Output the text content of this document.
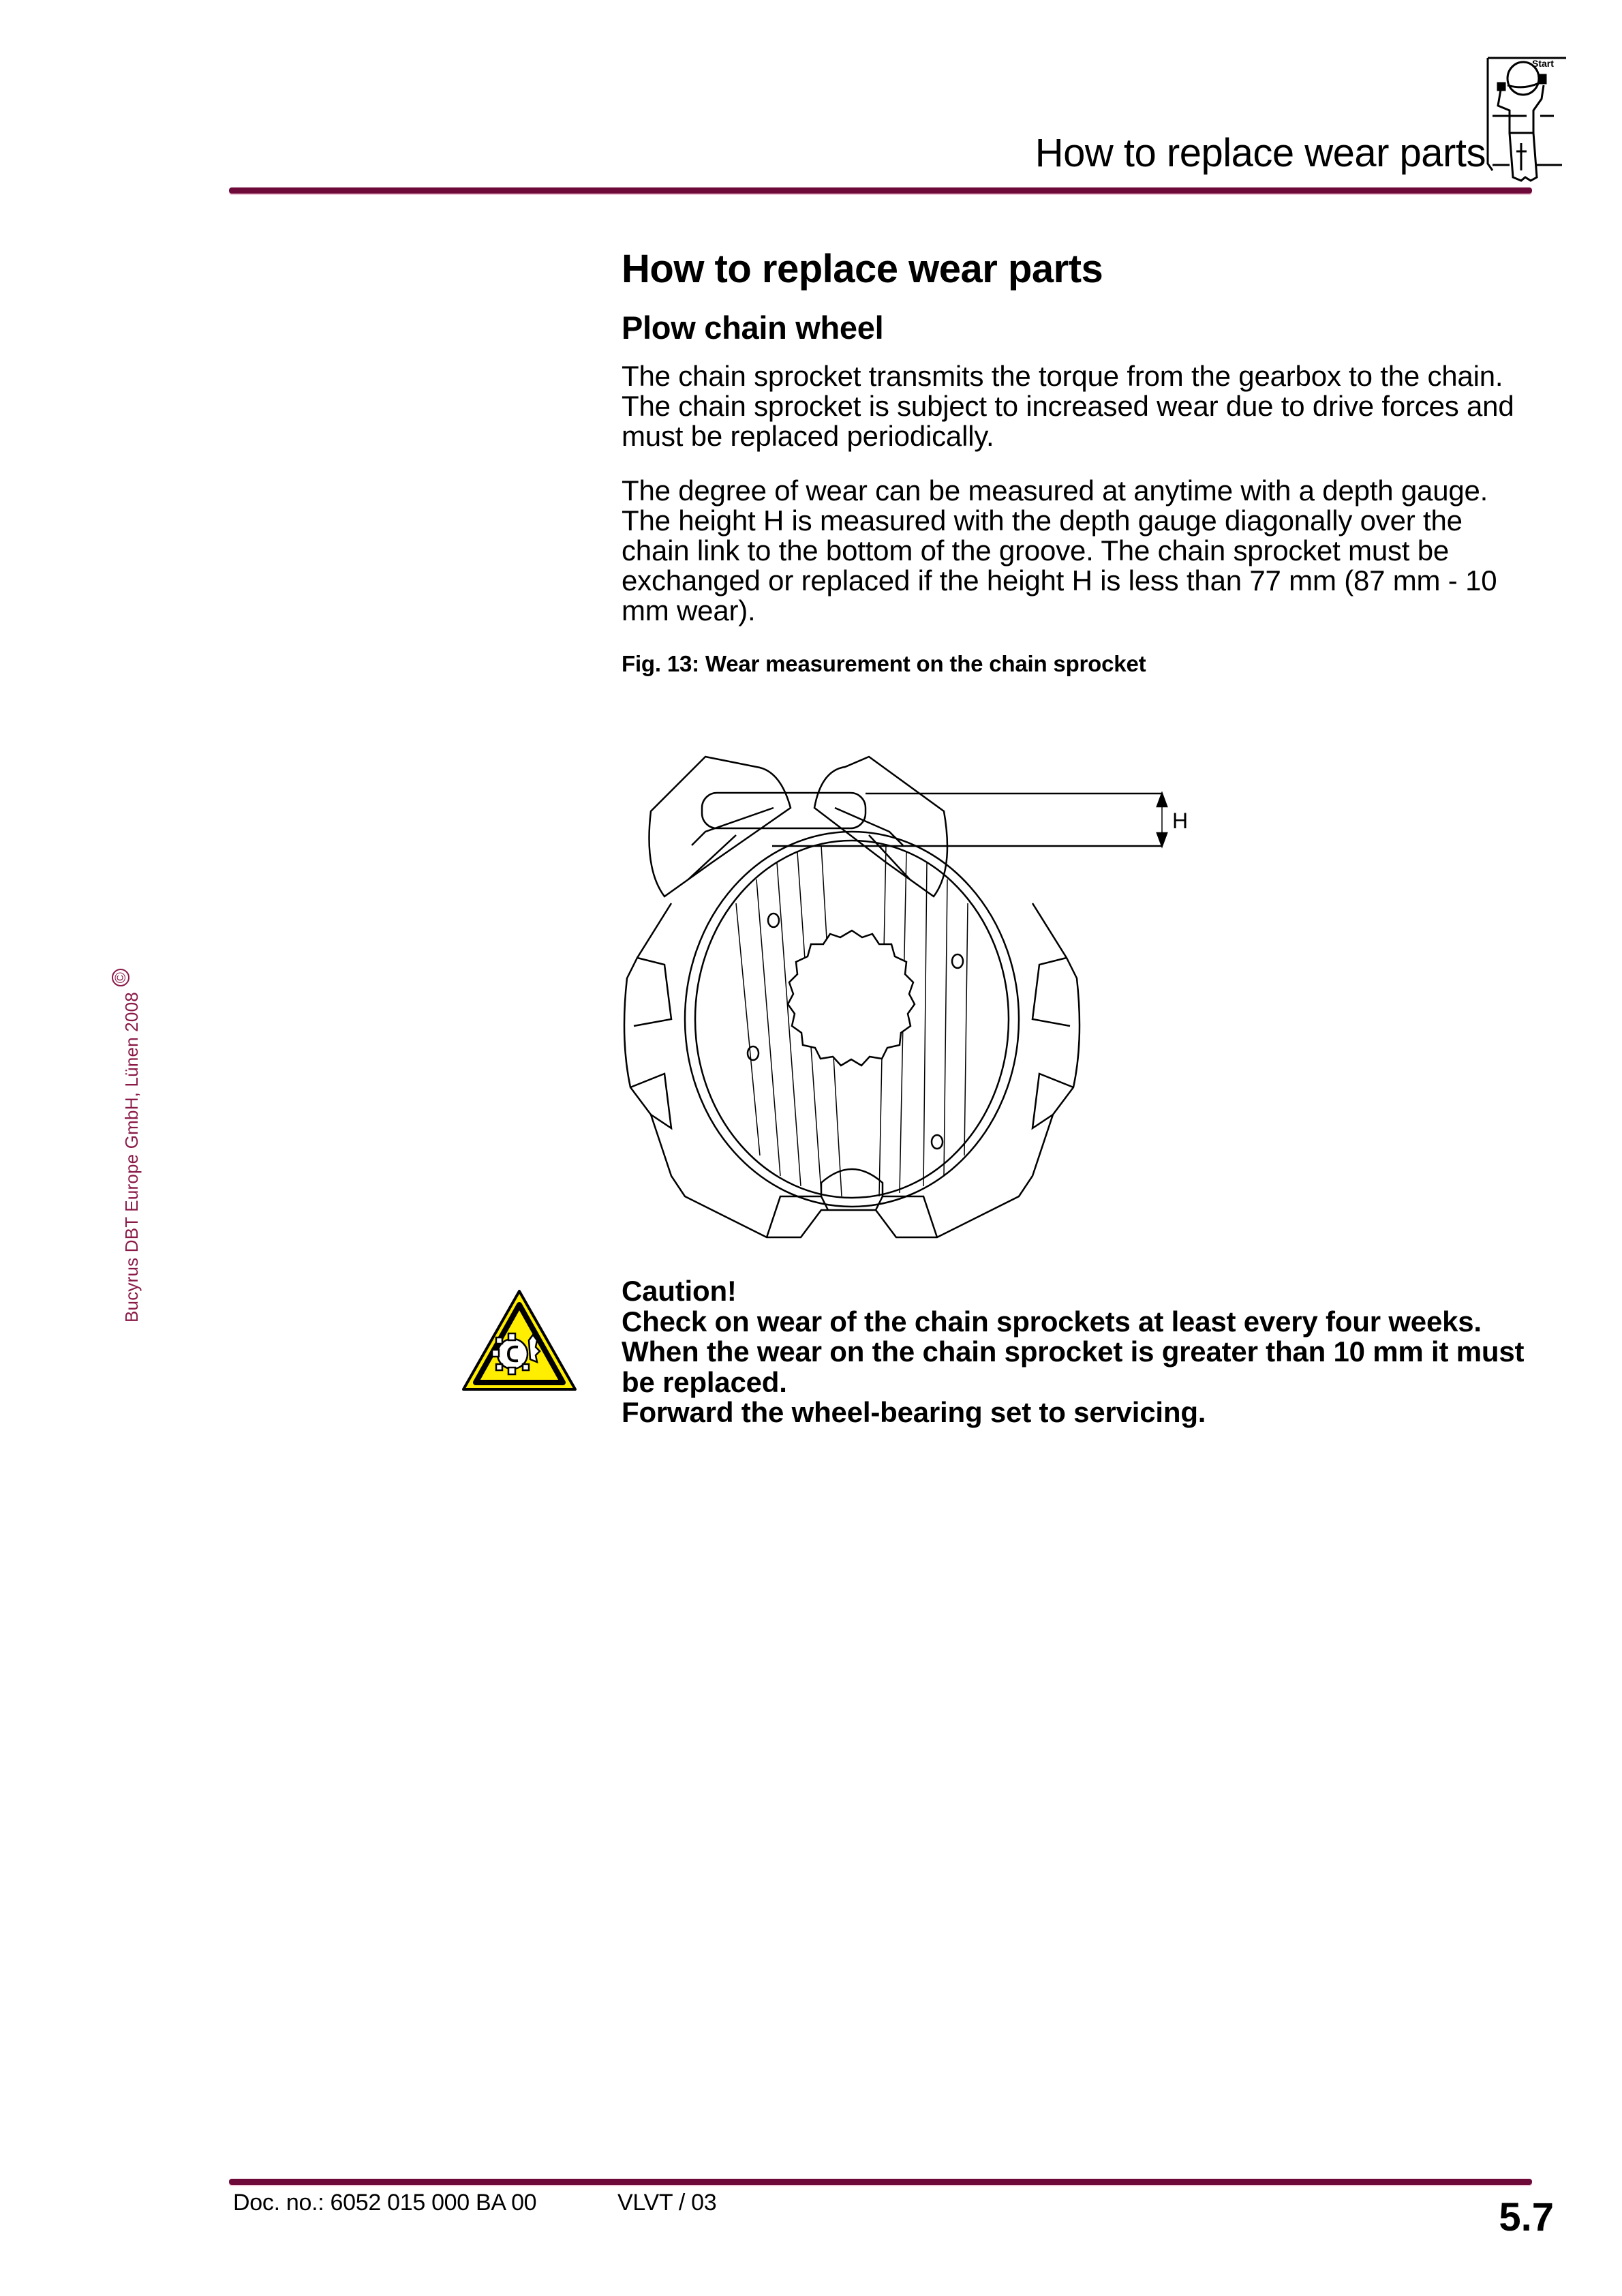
How to replace wear parts
Start
Bucyrus DBT Europe GmbH, Lünen 2008©
How to replace wear parts
Plow chain wheel

The chain sprocket transmits the torque from the gearbox to the chain. The chain sprocket is subject to increased wear due to drive forces and must be replaced periodically.

The degree of wear can be measured at anytime with a depth gauge. The height H is measured with the depth gauge diagonally over the chain link to the bottom of the groove. The chain sprocket must be exchanged or replaced if the height H is less than 77 mm (87 mm - 10 mm wear).

Fig. 13: Wear measurement on the chain sprocket

H
Caution!
Check on wear of the chain sprockets at least every four weeks.
When the wear on the chain sprocket is greater than 10 mm it must be replaced.
Forward the wheel-bearing set to servicing.
Doc. no.: 6052 015 000 BA 00	VLVT / 03	5.7
